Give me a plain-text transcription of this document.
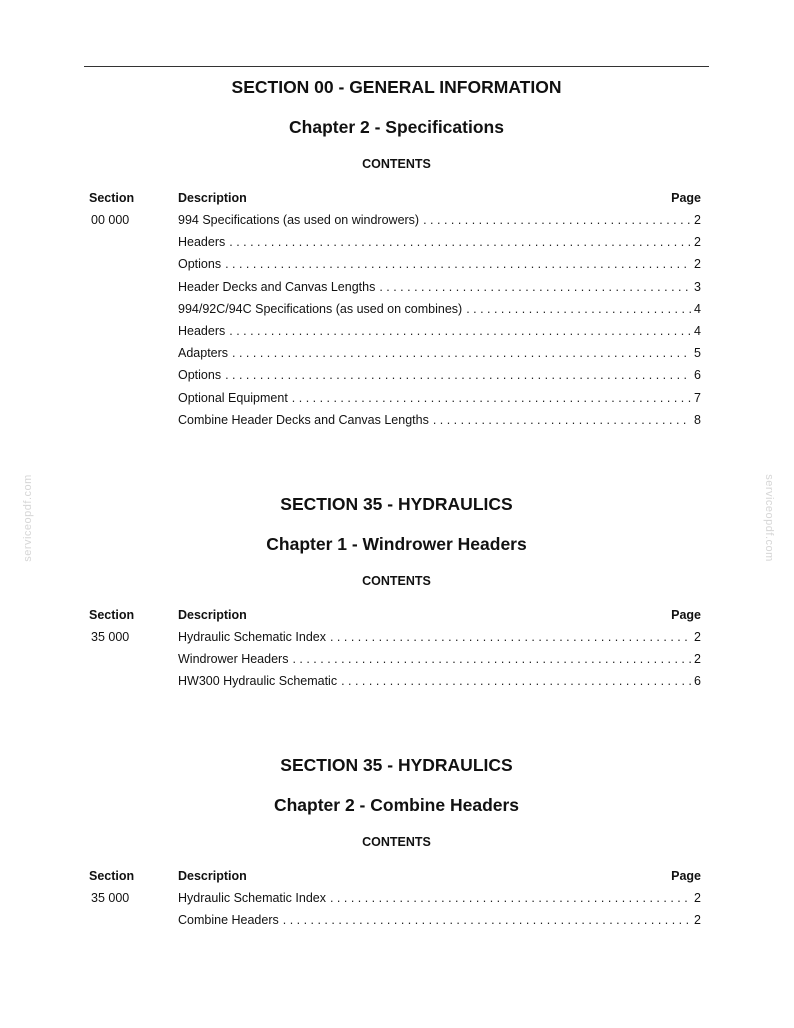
serviceopdf.com	serviceopdf.com
SECTION 00 - GENERAL INFORMATION
Chapter 2 - Specifications
CONTENTS
Section	Description	Page
00 000	994 Specifications (as used on windrowers) . . .	2
Headers . . .	2
Options . . .	2
Header Decks and Canvas Lengths . . .	3
994/92C/94C Specifications (as used on combines) . . .	4
Headers . . .	4
Adapters . . .	5
Options . . .	6
Optional Equipment . . .	7
Combine Header Decks and Canvas Lengths . . .	8
SECTION 35 - HYDRAULICS
Chapter 1 - Windrower Headers
CONTENTS
Section	Description	Page
35 000	Hydraulic Schematic Index . . .	2
Windrower Headers . . .	2
HW300 Hydraulic Schematic . . .	6
SECTION 35 - HYDRAULICS
Chapter 2 - Combine Headers
CONTENTS
Section	Description	Page
35 000	Hydraulic Schematic Index . . .	2
Combine Headers . . .	2
